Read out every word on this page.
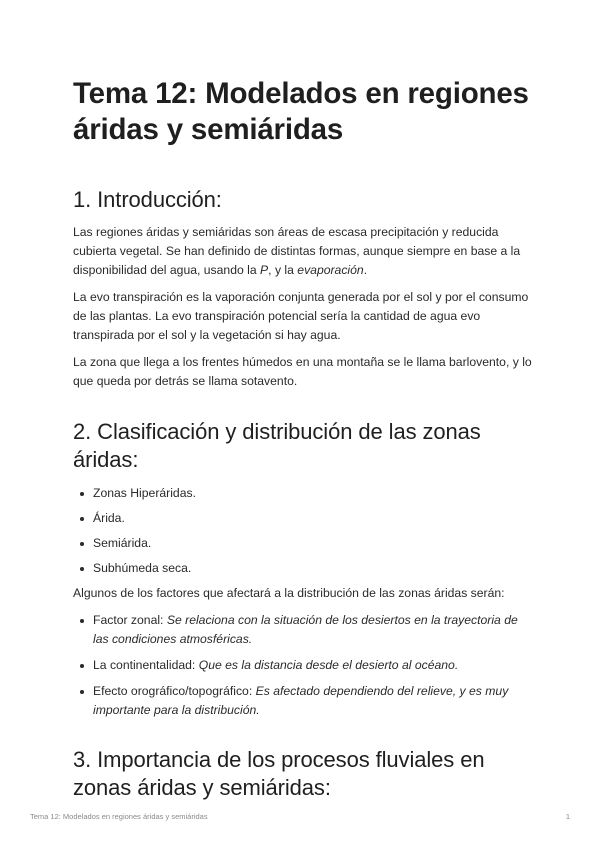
Tema 12: Modelados en regiones áridas y semiáridas
1. Introducción:

Las regiones áridas y semiáridas son áreas de escasa precipitación y reducida cubierta vegetal. Se han definido de distintas formas, aunque siempre en base a la disponibilidad del agua, usando la P, y la evaporación.

La evo transpiración es la vaporación conjunta generada por el sol y por el consumo de las plantas. La evo transpiración potencial sería la cantidad de agua evo transpirada por el sol y la vegetación si hay agua.

La zona que llega a los frentes húmedos en una montaña se le llama barlovento, y lo que queda por detrás se llama sotavento.

2. Clasificación y distribución de las zonas áridas:
Zonas Hiperáridas.
Árida.
Semiárida.
Subhúmeda seca.

Algunos de los factores que afectará a la distribución de las zonas áridas serán:

Factor zonal: Se relaciona con la situación de los desiertos en la trayectoria de las condiciones atmosféricas.
La continentalidad: Que es la distancia desde el desierto al océano.
Efecto orográfico/topográfico: Es afectado dependiendo del relieve, y es muy importante para la distribución.
3. Importancia de los procesos fluviales en zonas áridas y semiáridas:
Tema 12: Modelados en regiones áridas y semiáridas	1
